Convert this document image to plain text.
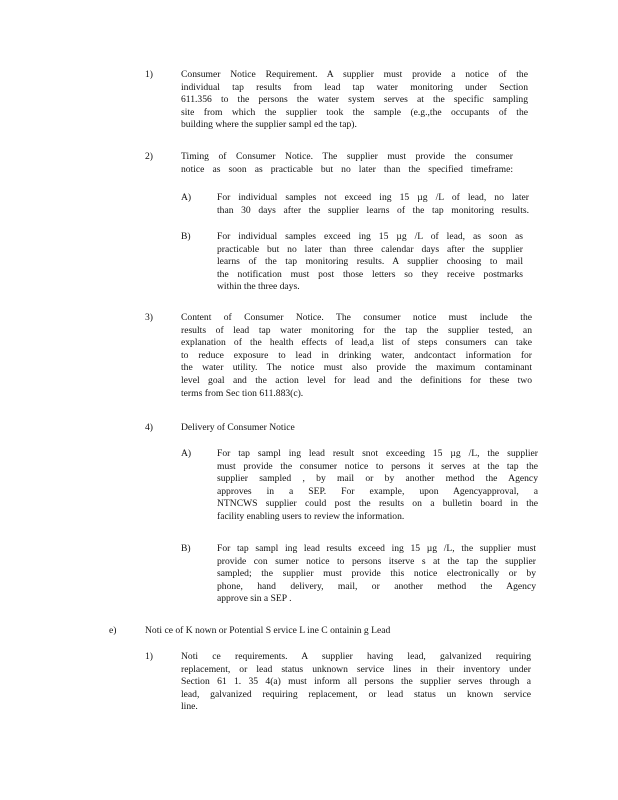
1)	Consumer Notice Requirement. A supplier must provide a notice of the
individual tap results from lead tap water monitoring under Section
611.356 to the persons the water system serves at the specific sampling
site from which the supplier took the sample (e.g.,the occupants of the
building where the supplier sampl ed the tap).
2)	Timing of Consumer Notice. The supplier must provide the consumer
notice as soon as practicable but no later than the specified timeframe:
A)	For individual samples not exceed ing 15 µg /L of lead, no later
than 30 days after the supplier learns of the tap monitoring results.
B)	For individual samples exceed ing 15 µg /L of lead, as soon as
practicable but no later than three calendar days after the supplier
learns of the tap monitoring results. A supplier choosing to mail
the notification must post those letters so they receive postmarks
within the three days.
3)	Content of Consumer Notice. The consumer notice must include the
results of lead tap water monitoring for the tap the supplier tested, an
explanation of the health effects of lead,a list of steps consumers can take
to reduce exposure to lead in drinking water, andcontact information for
the water utility. The notice must also provide the maximum contaminant
level goal and the action level for lead and the definitions for these two
terms from Sec tion 611.883(c).
4)	Delivery of Consumer Notice
A)	For tap sampl ing lead result snot exceeding 15 µg /L, the supplier
must provide the consumer notice to persons it serves at the tap the
supplier sampled , by mail or by another method the Agency
approves in a SEP. For example, upon Agencyapproval, a
NTNCWS supplier could post the results on a bulletin board in the
facility enabling users to review the information.
B)	For tap sampl ing lead results exceed ing 15 µg /L, the supplier must
provide con sumer notice to persons itserve s at the tap the supplier
sampled; the supplier must provide this notice electronically or by
phone, hand delivery, mail, or another method the Agency
approve sin a SEP .
e)	Noti ce of K nown or Potential S ervice L ine C ontainin g Lead
1)	Noti ce requirements. A supplier having lead, galvanized requiring
replacement, or lead status unknown service lines in their inventory under
Section 61 1. 35 4(a) must inform all persons the supplier serves through a
lead, galvanized requiring replacement, or lead status un known service
line.
